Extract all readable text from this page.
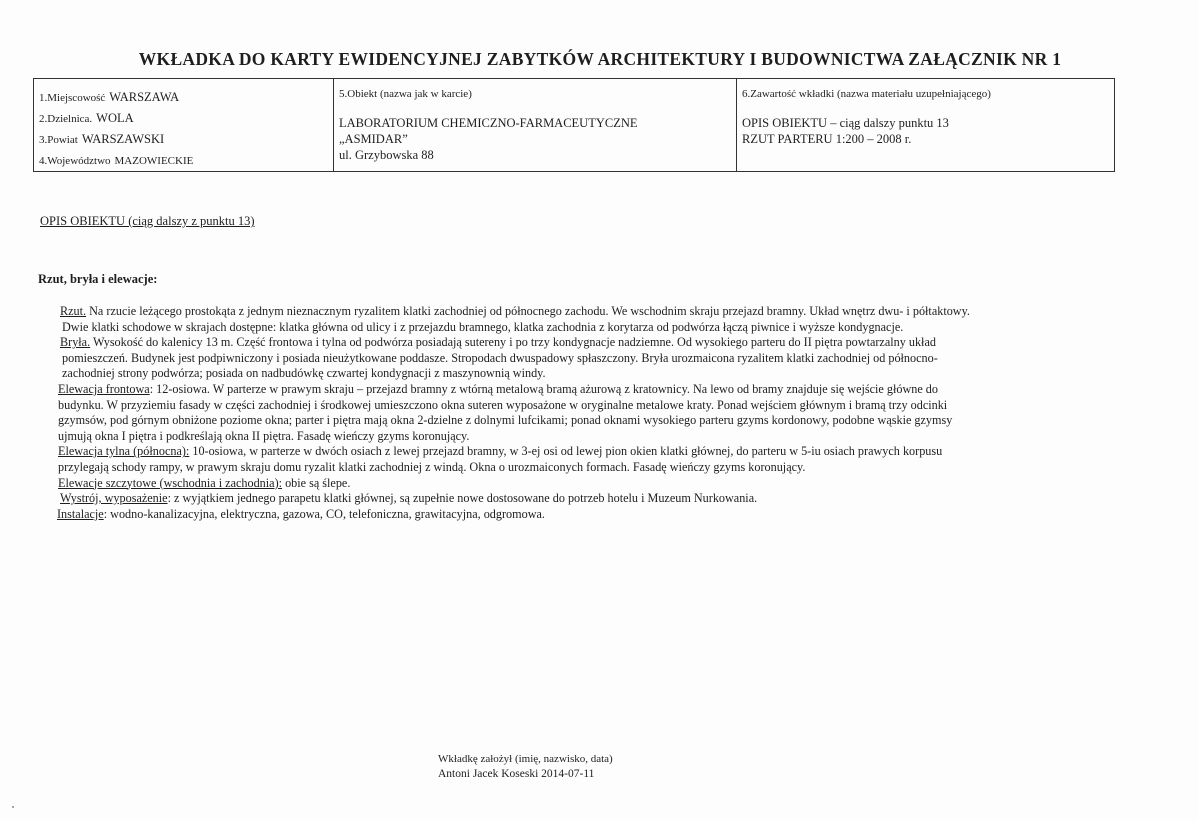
WKŁADKA DO KARTY EWIDENCYJNEJ ZABYTKÓW ARCHITEKTURY I BUDOWNICTWA ZAŁĄCZNIK NR 1
1.Miejscowość WARSZAWA
2.Dzielnica. WOLA
3.Powiat WARSZAWSKI
4.Województwo MAZOWIECKIE
5.Obiekt (nazwa jak w karcie)
LABORATORIUM CHEMICZNO-FARMACEUTYCZNE
„ASMIDAR”
ul. Grzybowska 88
6.Zawartość wkładki (nazwa materiału uzupełniającego)
OPIS OBIEKTU – ciąg dalszy punktu 13
RZUT PARTERU 1:200 – 2008 r.
OPIS OBIEKTU (ciąg dalszy z punktu 13)
Rzut, bryła i elewacje:
Rzut. Na rzucie leżącego prostokąta z jednym nieznacznym ryzalitem klatki zachodniej od północnego zachodu. We wschodnim skraju przejazd bramny. Układ wnętrz dwu- i półtaktowy.
Dwie klatki schodowe w skrajach dostępne: klatka główna od ulicy i z przejazdu bramnego, klatka zachodnia z korytarza od podwórza łączą piwnice i wyższe kondygnacje.
Bryła. Wysokość do kalenicy 13 m. Część frontowa i tylna od podwórza posiadają sutereny i po trzy kondygnacje nadziemne. Od wysokiego parteru do II piętra powtarzalny układ
pomieszczeń. Budynek jest podpiwniczony i posiada nieużytkowane poddasze. Stropodach dwuspadowy spłaszczony. Bryła urozmaicona ryzalitem klatki zachodniej od północno-
zachodniej strony podwórza; posiada on nadbudówkę czwartej kondygnacji z maszynownią windy.
Elewacja frontowa: 12-osiowa. W parterze w prawym skraju – przejazd bramny z wtórną metalową bramą ażurową z kratownicy. Na lewo od bramy znajduje się wejście główne do
budynku. W przyziemiu fasady w części zachodniej i środkowej umieszczono okna suteren wyposażone w oryginalne metalowe kraty. Ponad wejściem głównym i bramą trzy odcinki
gzymsów, pod górnym obniżone poziome okna; parter i piętra mają okna 2-dzielne z dolnymi lufcikami; ponad oknami wysokiego parteru gzyms kordonowy, podobne wąskie gzymsy
ujmują okna I piętra i podkreślają okna II piętra. Fasadę wieńczy gzyms koronujący.
Elewacja tylna (północna): 10-osiowa, w parterze w dwóch osiach z lewej przejazd bramny, w 3-ej osi od lewej pion okien klatki głównej, do parteru w 5-iu osiach prawych korpusu
przylegają schody rampy, w prawym skraju domu ryzalit klatki zachodniej z windą. Okna o urozmaiconych formach. Fasadę wieńczy gzyms koronujący.
Elewacje szczytowe (wschodnia i zachodnia): obie są ślepe.
Wystrój, wyposażenie: z wyjątkiem jednego parapetu klatki głównej, są zupełnie nowe dostosowane do potrzeb hotelu i Muzeum Nurkowania.
Instalacje: wodno-kanalizacyjna, elektryczna, gazowa, CO, telefoniczna, grawitacyjna, odgromowa.
Wkładkę założył (imię, nazwisko, data)
Antoni Jacek Koseski 2014-07-11
